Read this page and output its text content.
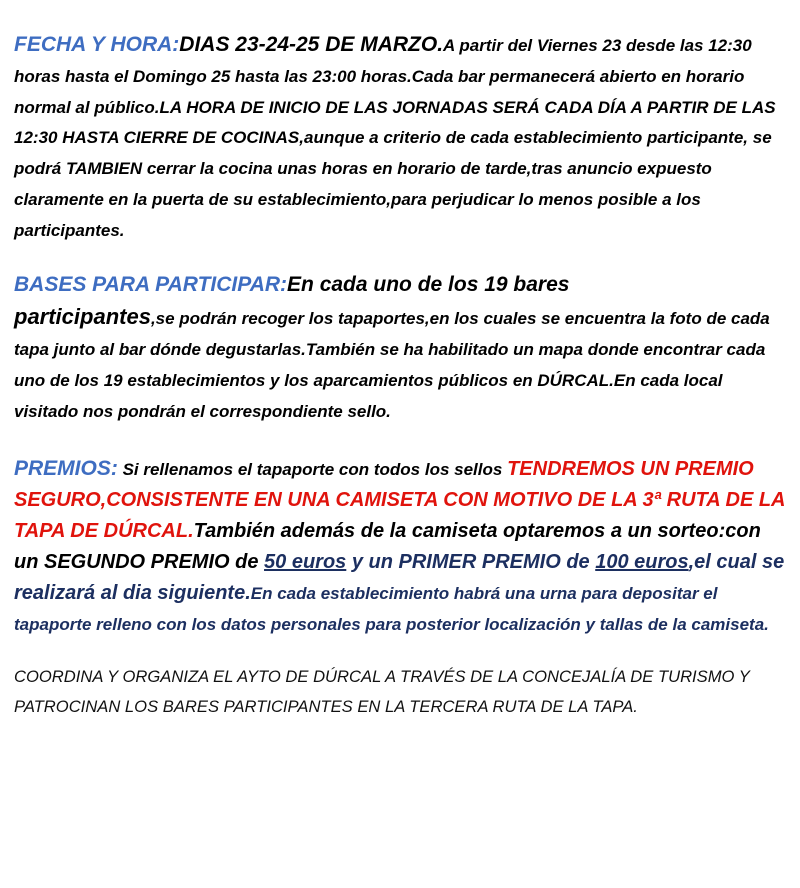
FECHA Y HORA:DIAS 23-24-25 DE MARZO.A partir del Viernes 23 desde las 12:30 horas hasta el Domingo 25 hasta las 23:00 horas.Cada bar permanecerá abierto en horario normal al público.LA HORA DE INICIO DE LAS JORNADAS SERÁ CADA DÍA A PARTIR DE LAS 12:30 HASTA CIERRE DE COCINAS,aunque a criterio de cada establecimiento participante, se podrá TAMBIEN cerrar la cocina unas horas en horario de tarde,tras anuncio expuesto claramente en la puerta de su establecimiento,para perjudicar lo menos posible a los participantes.

BASES PARA PARTICIPAR:En cada uno de los 19 bares
participantes,se podrán recoger los tapaportes,en los cuales se encuentra la foto de cada tapa junto al bar dónde degustarlas.También se ha habilitado un mapa donde encontrar cada uno de los 19 establecimientos y los aparcamientos públicos en DÚRCAL.En cada local visitado nos pondrán el correspondiente sello.

PREMIOS: Si rellenamos el tapaporte con todos los sellos TENDREMOS UN PREMIO SEGURO,CONSISTENTE EN UNA CAMISETA CON MOTIVO DE LA 3ª RUTA DE LA TAPA DE DÚRCAL.También además de la camiseta optaremos a un sorteo:con un SEGUNDO PREMIO de 50 euros y un PRIMER PREMIO de 100 euros,el cual se realizará al dia siguiente.En cada establecimiento habrá una urna para depositar el tapaporte relleno con los datos personales para posterior localización y tallas de la camiseta.

COORDINA Y ORGANIZA EL AYTO DE DÚRCAL A TRAVÉS DE LA CONCEJALÍA DE TURISMO Y PATROCINAN LOS BARES PARTICIPANTES EN LA TERCERA RUTA DE LA TAPA.
